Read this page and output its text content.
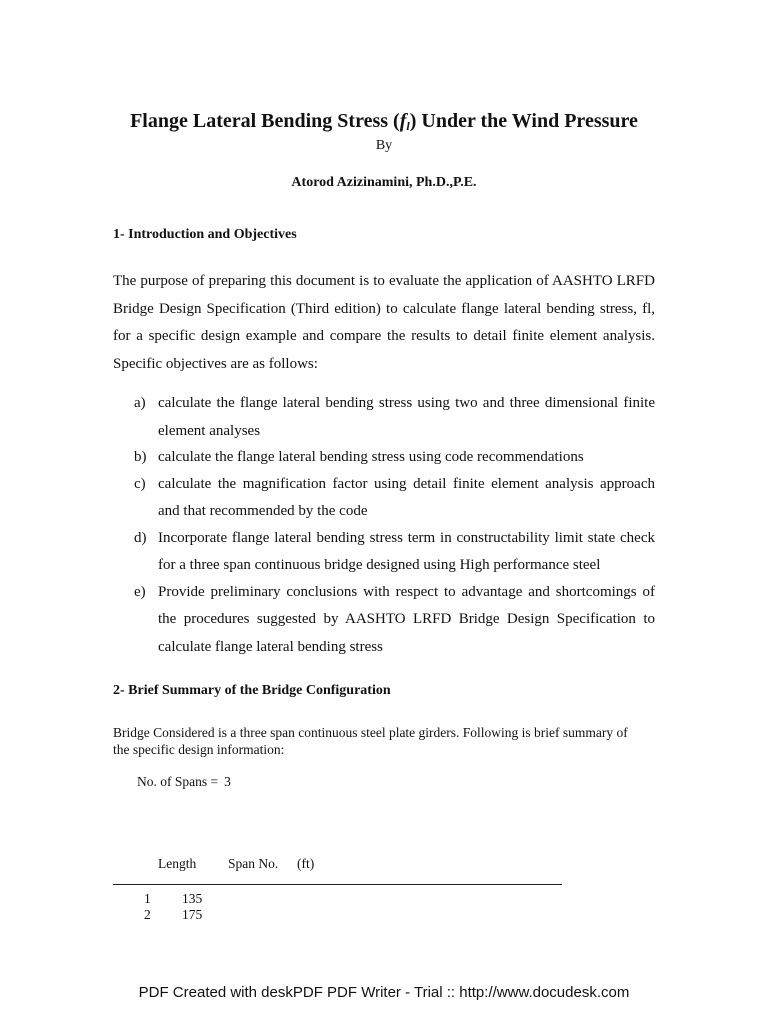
Flange Lateral Bending Stress $(f_l)$ Under the Wind Pressure
By
Atorod Azizinamini, Ph.D.,P.E.
1- Introduction and Objectives
The purpose of preparing this document is to evaluate the application of AASHTO LRFD Bridge Design Specification (Third edition) to calculate flange lateral bending stress, fl, for a specific design example and compare the results to detail finite element analysis. Specific objectives are as follows:
a) calculate the flange lateral bending stress using two and three dimensional finite element analyses
b) calculate the flange lateral bending stress using code recommendations
c) calculate the magnification factor using detail finite element analysis approach and that recommended by the code
d) Incorporate flange lateral bending stress term in constructability limit state check for a three span continuous bridge designed using High performance steel
e) Provide preliminary conclusions with respect to advantage and shortcomings of the procedures suggested by AASHTO LRFD Bridge Design Specification to calculate flange lateral bending stress
2- Brief Summary of the Bridge Configuration
Bridge Considered is a three span continuous steel plate girders. Following is brief summary of the specific design information:
No. of Spans = 3
Length Span No. (ft)
1 135
2 175
PDF Created with deskPDF PDF Writer - Trial :: http://www.docudesk.com
